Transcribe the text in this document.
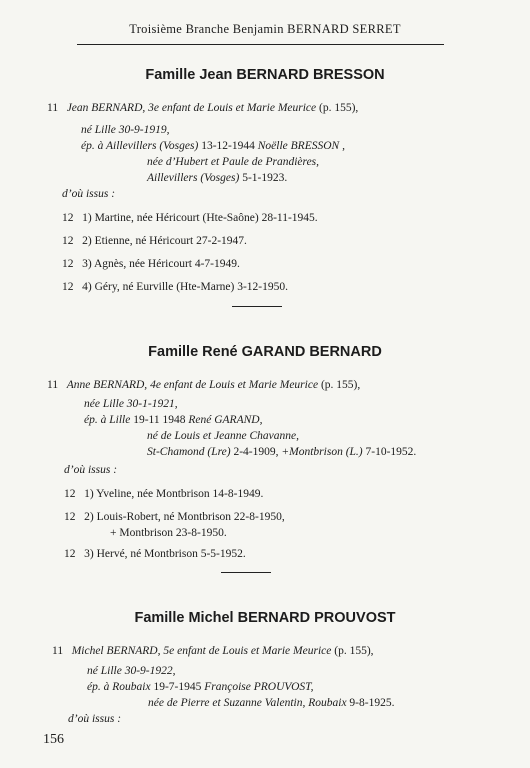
Troisième Branche Benjamin BERNARD SERRET
Famille Jean BERNARD BRESSON
11 Jean BERNARD, 3e enfant de Louis et Marie Meurice (p. 155),
né Lille 30-9-1919,
ép. à Aillevillers (Vosges) 13-12-1944 Noëlle BRESSON ,
née d’Hubert et Paule de Prandières,
Aillevillers (Vosges) 5-1-1923.
d’où issus :
12 1) Martine, née Héricourt (Hte-Saône) 28-11-1945.
12 2) Etienne, né Héricourt 27-2-1947.
12 3) Agnès, née Héricourt 4-7-1949.
12 4) Géry, né Eurville (Hte-Marne) 3-12-1950.
Famille René GARAND BERNARD
11 Anne BERNARD, 4e enfant de Louis et Marie Meurice (p. 155),
née Lille 30-1-1921,
ép. à Lille 19-11 1948 René GARAND,
né de Louis et Jeanne Chavanne,
St-Chamond (Lre) 2-4-1909, +Montbrison (L.) 7-10-1952.
d’où issus :
12 1) Yveline, née Montbrison 14-8-1949.
12 2) Louis-Robert, né Montbrison 22-8-1950,
+ Montbrison 23-8-1950.
12 3) Hervé, né Montbrison 5-5-1952.
Famille Michel BERNARD PROUVOST
11 Michel BERNARD, 5e enfant de Louis et Marie Meurice (p. 155),
né Lille 30-9-1922,
ép. à Roubaix 19-7-1945 Françoise PROUVOST,
née de Pierre et Suzanne Valentin, Roubaix 9-8-1925.
d’où issus :
156
